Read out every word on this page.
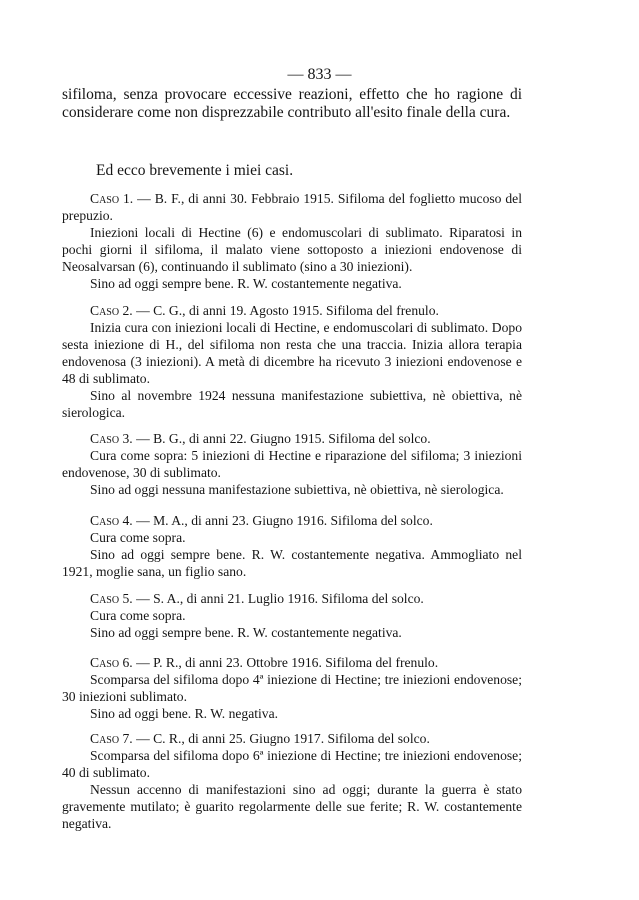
— 833 —
sifiloma, senza provocare eccessive reazioni, effetto che ho ragione di considerare come non disprezzabile contributo all'esito finale della cura.
Ed ecco brevemente i miei casi.

Caso 1. — B. F., di anni 30. Febbraio 1915. Sifiloma del foglietto mucoso del prepuzio.

Iniezioni locali di Hectine (6) e endomuscolari di sublimato. Riparatosi in pochi giorni il sifiloma, il malato viene sottoposto a iniezioni endovenose di Neosalvarsan (6), continuando il sublimato (sino a 30 iniezioni).

Sino ad oggi sempre bene. R. W. costantemente negativa.

Caso 2. — C. G., di anni 19. Agosto 1915. Sifiloma del frenulo.

Inizia cura con iniezioni locali di Hectine, e endomuscolari di sublimato. Dopo sesta iniezione di H., del sifiloma non resta che una traccia. Inizia allora terapia endovenosa (3 iniezioni). A metà di dicembre ha ricevuto 3 iniezioni endovenose e 48 di sublimato.

Sino al novembre 1924 nessuna manifestazione subiettiva, nè obiettiva, nè sierologica.

Caso 3. — B. G., di anni 22. Giugno 1915. Sifiloma del solco.

Cura come sopra: 5 iniezioni di Hectine e riparazione del sifiloma; 3 iniezioni endovenose, 30 di sublimato.

Sino ad oggi nessuna manifestazione subiettiva, nè obiettiva, nè sierologica.

Caso 4. — M. A., di anni 23. Giugno 1916. Sifiloma del solco.

Cura come sopra.

Sino ad oggi sempre bene. R. W. costantemente negativa. Ammogliato nel 1921, moglie sana, un figlio sano.

Caso 5. — S. A., di anni 21. Luglio 1916. Sifiloma del solco.

Cura come sopra.

Sino ad oggi sempre bene. R. W. costantemente negativa.

Caso 6. — P. R., di anni 23. Ottobre 1916. Sifiloma del frenulo.

Scomparsa del sifiloma dopo 4ª iniezione di Hectine; tre iniezioni endovenose; 30 iniezioni sublimato.

Sino ad oggi bene. R. W. negativa.

Caso 7. — C. R., di anni 25. Giugno 1917. Sifiloma del solco.

Scomparsa del sifiloma dopo 6ª iniezione di Hectine; tre iniezioni endovenose; 40 di sublimato.

Nessun accenno di manifestazioni sino ad oggi; durante la guerra è stato gravemente mutilato; è guarito regolarmente delle sue ferite; R. W. costantemente negativa.
